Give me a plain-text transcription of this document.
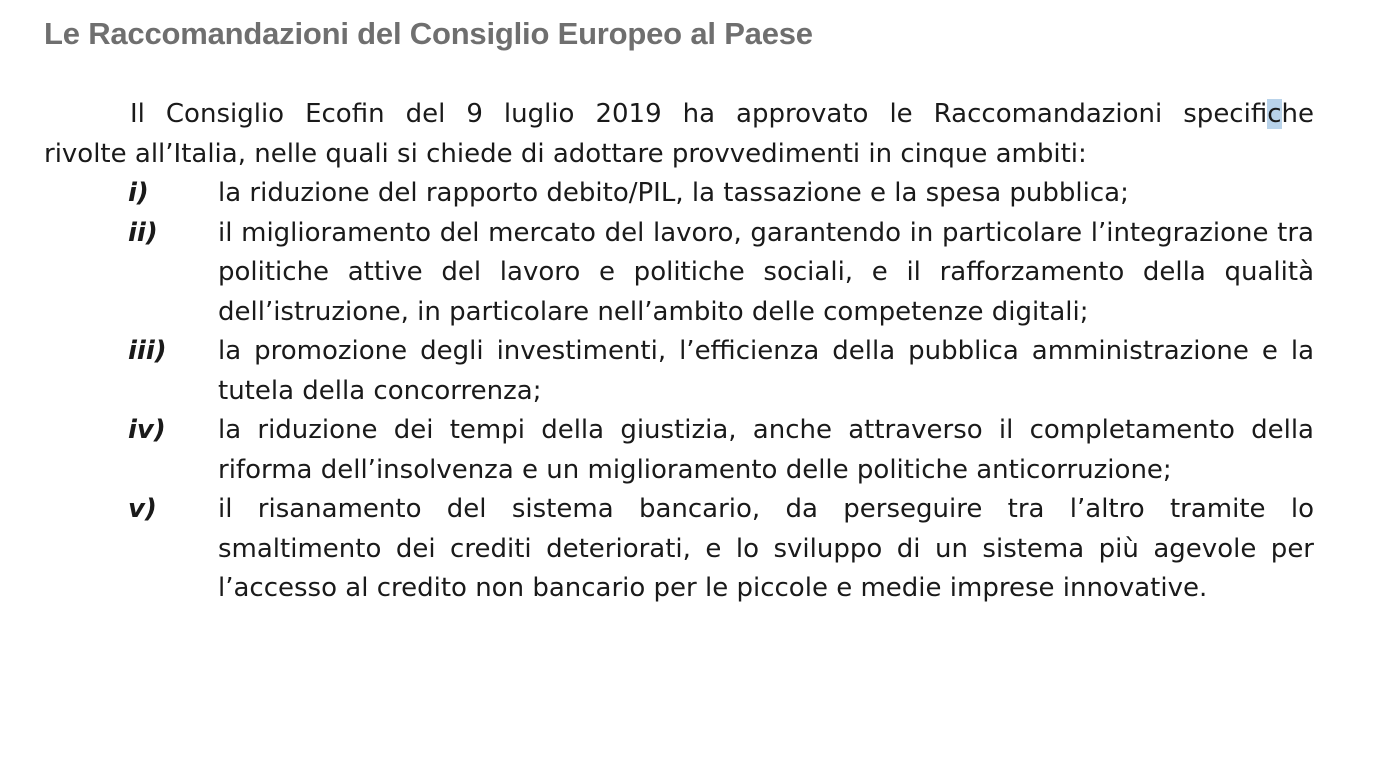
Le Raccomandazioni del Consiglio Europeo al Paese

Il Consiglio Ecofin del 9 luglio 2019 ha approvato le Raccomandazioni specifiche
rivolte all’Italia, nelle quali si chiede di adottare provvedimenti in cinque ambiti:

i)	la riduzione del rapporto debito/PIL, la tassazione e la spesa pubblica;
ii)	il miglioramento del mercato del lavoro, garantendo in particolare l’integrazione tra politiche attive del lavoro e politiche sociali, e il rafforzamento della qualità dell’istruzione, in particolare nell’ambito delle competenze digitali;
iii)	la promozione degli investimenti, l’efficienza della pubblica amministrazione e la tutela della concorrenza;
iv)	la riduzione dei tempi della giustizia, anche attraverso il completamento della riforma dell’insolvenza e un miglioramento delle politiche anticorruzione;
v)	il risanamento del sistema bancario, da perseguire tra l’altro tramite lo smaltimento dei crediti deteriorati, e lo sviluppo di un sistema più agevole per l’accesso al credito non bancario per le piccole e medie imprese innovative.
